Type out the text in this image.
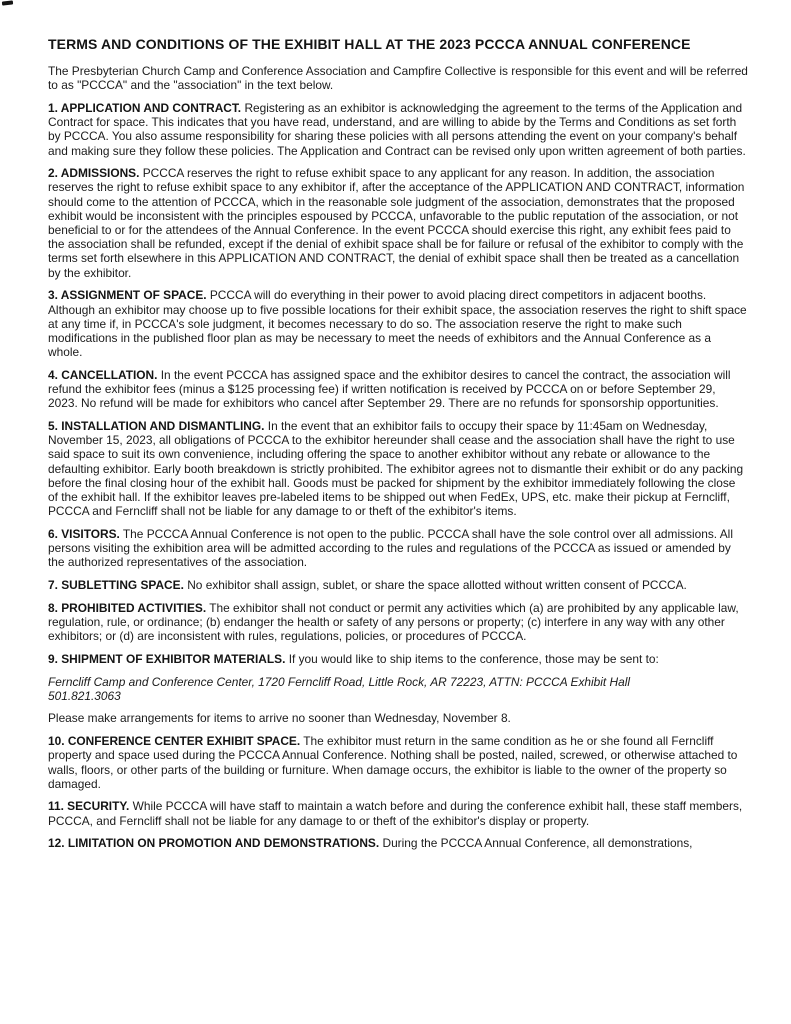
TERMS AND CONDITIONS OF THE EXHIBIT HALL AT THE 2023 PCCCA ANNUAL CONFERENCE

The Presbyterian Church Camp and Conference Association and Campfire Collective is responsible for this event and will be referred to as "PCCCA" and the "association" in the text below.

1. APPLICATION AND CONTRACT. Registering as an exhibitor is acknowledging the agreement to the terms of the Application and Contract for space. This indicates that you have read, understand, and are willing to abide by the Terms and Conditions as set forth by PCCCA. You also assume responsibility for sharing these policies with all persons attending the event on your company's behalf and making sure they follow these policies. The Application and Contract can be revised only upon written agreement of both parties.

2. ADMISSIONS. PCCCA reserves the right to refuse exhibit space to any applicant for any reason. In addition, the association reserves the right to refuse exhibit space to any exhibitor if, after the acceptance of the APPLICATION AND CONTRACT, information should come to the attention of PCCCA, which in the reasonable sole judgment of the association, demonstrates that the proposed exhibit would be inconsistent with the principles espoused by PCCCA, unfavorable to the public reputation of the association, or not beneficial to or for the attendees of the Annual Conference. In the event PCCCA should exercise this right, any exhibit fees paid to the association shall be refunded, except if the denial of exhibit space shall be for failure or refusal of the exhibitor to comply with the terms set forth elsewhere in this APPLICATION AND CONTRACT, the denial of exhibit space shall then be treated as a cancellation by the exhibitor.

3. ASSIGNMENT OF SPACE. PCCCA will do everything in their power to avoid placing direct competitors in adjacent booths. Although an exhibitor may choose up to five possible locations for their exhibit space, the association reserves the right to shift space at any time if, in PCCCA's sole judgment, it becomes necessary to do so. The association reserve the right to make such modifications in the published floor plan as may be necessary to meet the needs of exhibitors and the Annual Conference as a whole.

4. CANCELLATION. In the event PCCCA has assigned space and the exhibitor desires to cancel the contract, the association will refund the exhibitor fees (minus a $125 processing fee) if written notification is received by PCCCA on or before September 29, 2023. No refund will be made for exhibitors who cancel after September 29. There are no refunds for sponsorship opportunities.

5. INSTALLATION AND DISMANTLING. In the event that an exhibitor fails to occupy their space by 11:45am on Wednesday, November 15, 2023, all obligations of PCCCA to the exhibitor hereunder shall cease and the association shall have the right to use said space to suit its own convenience, including offering the space to another exhibitor without any rebate or allowance to the defaulting exhibitor. Early booth breakdown is strictly prohibited. The exhibitor agrees not to dismantle their exhibit or do any packing before the final closing hour of the exhibit hall. Goods must be packed for shipment by the exhibitor immediately following the close of the exhibit hall. If the exhibitor leaves pre-labeled items to be shipped out when FedEx, UPS, etc. make their pickup at Ferncliff, PCCCA and Ferncliff shall not be liable for any damage to or theft of the exhibitor's items.

6. VISITORS. The PCCCA Annual Conference is not open to the public. PCCCA shall have the sole control over all admissions. All persons visiting the exhibition area will be admitted according to the rules and regulations of the PCCCA as issued or amended by the authorized representatives of the association.

7. SUBLETTING SPACE. No exhibitor shall assign, sublet, or share the space allotted without written consent of PCCCA.

8. PROHIBITED ACTIVITIES. The exhibitor shall not conduct or permit any activities which (a) are prohibited by any applicable law, regulation, rule, or ordinance; (b) endanger the health or safety of any persons or property; (c) interfere in any way with any other exhibitors; or (d) are inconsistent with rules, regulations, policies, or procedures of PCCCA.

9. SHIPMENT OF EXHIBITOR MATERIALS. If you would like to ship items to the conference, those may be sent to:

Ferncliff Camp and Conference Center, 1720 Ferncliff Road, Little Rock, AR 72223, ATTN: PCCCA Exhibit Hall
501.821.3063

Please make arrangements for items to arrive no sooner than Wednesday, November 8.

10. CONFERENCE CENTER EXHIBIT SPACE. The exhibitor must return in the same condition as he or she found all Ferncliff property and space used during the PCCCA Annual Conference. Nothing shall be posted, nailed, screwed, or otherwise attached to walls, floors, or other parts of the building or furniture. When damage occurs, the exhibitor is liable to the owner of the property so damaged.

11. SECURITY. While PCCCA will have staff to maintain a watch before and during the conference exhibit hall, these staff members, PCCCA, and Ferncliff shall not be liable for any damage to or theft of the exhibitor's display or property.

12. LIMITATION ON PROMOTION AND DEMONSTRATIONS. During the PCCCA Annual Conference, all demonstrations,
